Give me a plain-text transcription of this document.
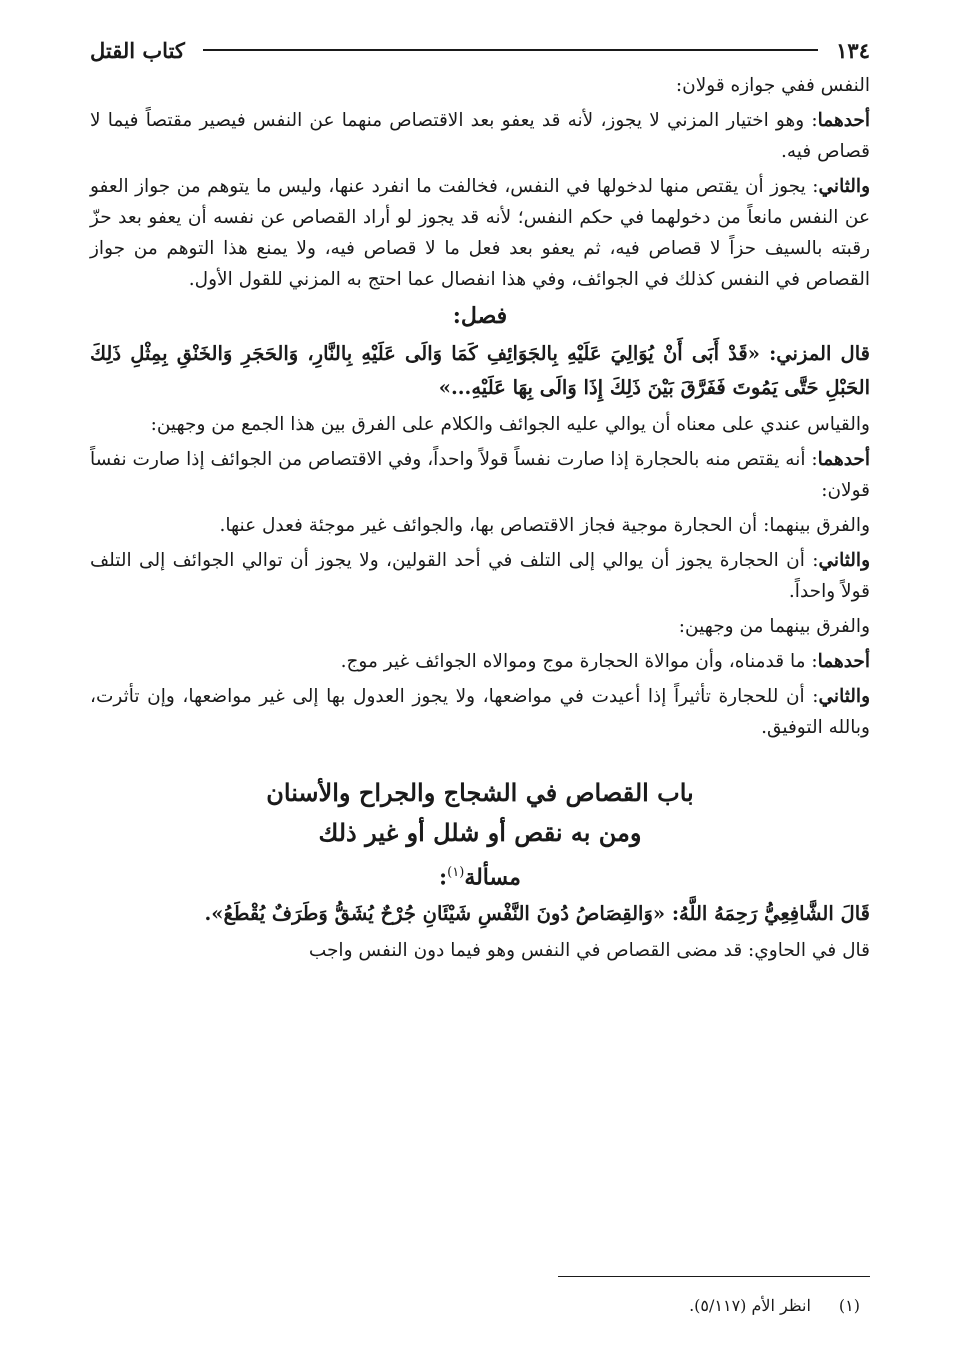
١٣٤
كتاب القتل

النفس ففي جوازه قولان:

أحدهما: وهو اختيار المزني لا يجوز، لأنه قد يعفو بعد الاقتصاص منهما عن النفس فيصير مقتصاً فيما لا قصاص فيه.

والثاني: يجوز أن يقتص منها لدخولها في النفس، فخالفت ما انفرد عنها، وليس ما يتوهم من جواز العفو عن النفس مانعاً من دخولهما في حكم النفس؛ لأنه قد يجوز لو أراد القصاص عن نفسه أن يعفو بعد حزّ رقبته بالسيف حزاً لا قصاص فيه، ثم يعفو بعد فعل ما لا قصاص فيه، ولا يمنع هذا التوهم من جواز القصاص في النفس كذلك في الجوائف، وفي هذا انفصال عما احتج به المزني للقول الأول.

فصل:

قال المزني: «قَدْ أَبَى أَنْ يُوَالِيَ عَلَيْهِ بِالجَوَائِفِ كَمَا وَالَى عَلَيْهِ بِالنَّارِ، وَالحَجَرِ وَالخَنْقِ بِمِثْلِ ذَلِكَ الحَبْلِ حَتَّى يَمُوتَ فَفَرَّقَ بَيْنَ ذَلِكَ إِذَا وَالَى بِهَا عَلَيْهِ...»

والقياس عندي على معناه أن يوالي عليه الجوائف والكلام على الفرق بين هذا الجمع من وجهين:

أحدهما: أنه يقتص منه بالحجارة إذا صارت نفساً قولاً واحداً، وفي الاقتصاص من الجوائف إذا صارت نفساً قولان:

والفرق بينهما: أن الحجارة موجية فجاز الاقتصاص بها، والجوائف غير موجئة فعدل عنها.

والثاني: أن الحجارة يجوز أن يوالي إلى التلف في أحد القولين، ولا يجوز أن توالي الجوائف إلى التلف قولاً واحداً.

والفرق بينهما من وجهين:

أحدهما: ما قدمناه، وأن موالاة الحجارة موج وموالاه الجوائف غير موج.

والثاني: أن للحجارة تأثيراً إذا أعيدت في مواضعها، ولا يجوز العدول بها إلى غير مواضعها، وإن تأثرت، وبالله التوفيق.

باب القصاص في الشجاج والجراح والأسنان
ومن به نقص أو شلل أو غير ذلك
مسألة$^{(١)}$:

قَالَ الشَّافِعِيُّ رَحِمَهُ اللَّهُ: «وَالقِصَاصُ دُونَ النَّفْسِ شَيْئَانِ جُرْحٌ يُشَقُّ وَطَرَفٌ يُقْطَعُ».

قال في الحاوي: قد مضى القصاص في النفس وهو فيما دون النفس واجب

(١)انظر الأم (٥/١١٧).
